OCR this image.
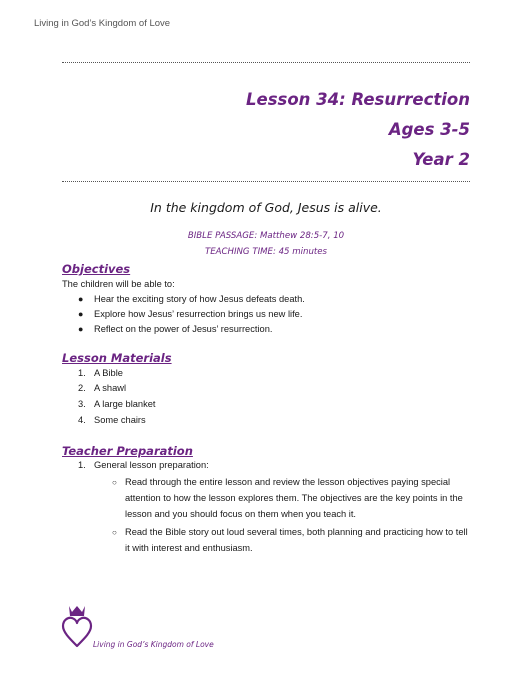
Living in God’s Kingdom of Love
Lesson 34: Resurrection
Ages 3-5
Year 2
In the kingdom of God, Jesus is alive.
BIBLE PASSAGE: Matthew 28:5-7, 10
TEACHING TIME: 45 minutes
Objectives
The children will be able to:
● Hear the exciting story of how Jesus defeats death.
● Explore how Jesus’ resurrection brings us new life.
● Reflect on the power of Jesus’ resurrection.
Lesson Materials
1. A Bible
2. A shawl
3. A large blanket
4. Some chairs
Teacher Preparation
1. General lesson preparation:
○ Read through the entire lesson and review the lesson objectives paying special attention to how the lesson explores them. The objectives are the key points in the lesson and you should focus on them when you teach it.
○ Read the Bible story out loud several times, both planning and practicing how to tell it with interest and enthusiasm.
Living in God’s Kingdom of Love
